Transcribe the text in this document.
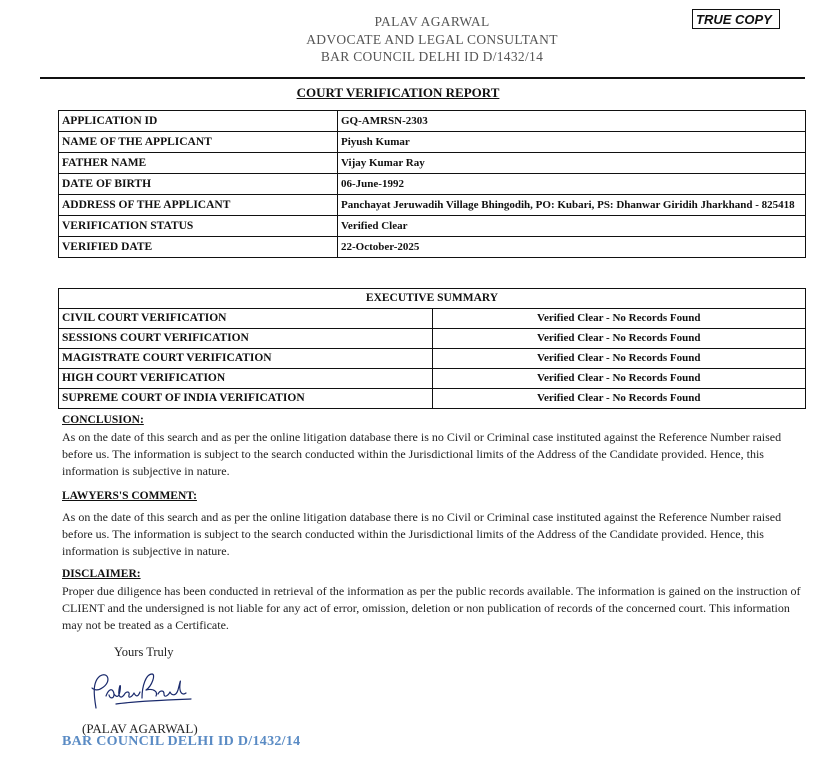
PALAV AGARWAL
ADVOCATE AND LEGAL CONSULTANT
BAR COUNCIL DELHI ID D/1432/14
TRUE COPY
COURT VERIFICATION REPORT
APPLICATION ID	GQ-AMRSN-2303
NAME OF THE APPLICANT	Piyush Kumar
FATHER NAME	Vijay Kumar Ray
DATE OF BIRTH	06-June-1992
ADDRESS OF THE APPLICANT	Panchayat Jeruwadih Village Bhingodih, PO: Kubari, PS: Dhanwar Giridih Jharkhand - 825418
VERIFICATION STATUS	Verified Clear
VERIFIED DATE	22-October-2025
EXECUTIVE SUMMARY	
CIVIL COURT VERIFICATION	Verified Clear - No Records Found
SESSIONS COURT VERIFICATION	Verified Clear - No Records Found
MAGISTRATE COURT VERIFICATION	Verified Clear - No Records Found
HIGH COURT VERIFICATION	Verified Clear - No Records Found
SUPREME COURT OF INDIA VERIFICATION	Verified Clear - No Records Found
CONCLUSION:
As on the date of this search and as per the online litigation database there is no Civil or Criminal case instituted against the Reference Number raised before us. The information is subject to the search conducted within the Jurisdictional limits of the Address of the Candidate provided. Hence, this information is subjective in nature.
LAWYERS'S COMMENT:
As on the date of this search and as per the online litigation database there is no Civil or Criminal case instituted against the Reference Number raised before us. The information is subject to the search conducted within the Jurisdictional limits of the Address of the Candidate provided. Hence, this information is subjective in nature.
DISCLAIMER:
Proper due diligence has been conducted in retrieval of the information as per the public records available. The information is gained on the instruction of CLIENT and the undersigned is not liable for any act of error, omission, deletion or non publication of records of the concerned court. This information may not be treated as a Certificate.
Yours Truly
(PALAV AGARWAL)
BAR COUNCIL DELHI ID D/1432/14
